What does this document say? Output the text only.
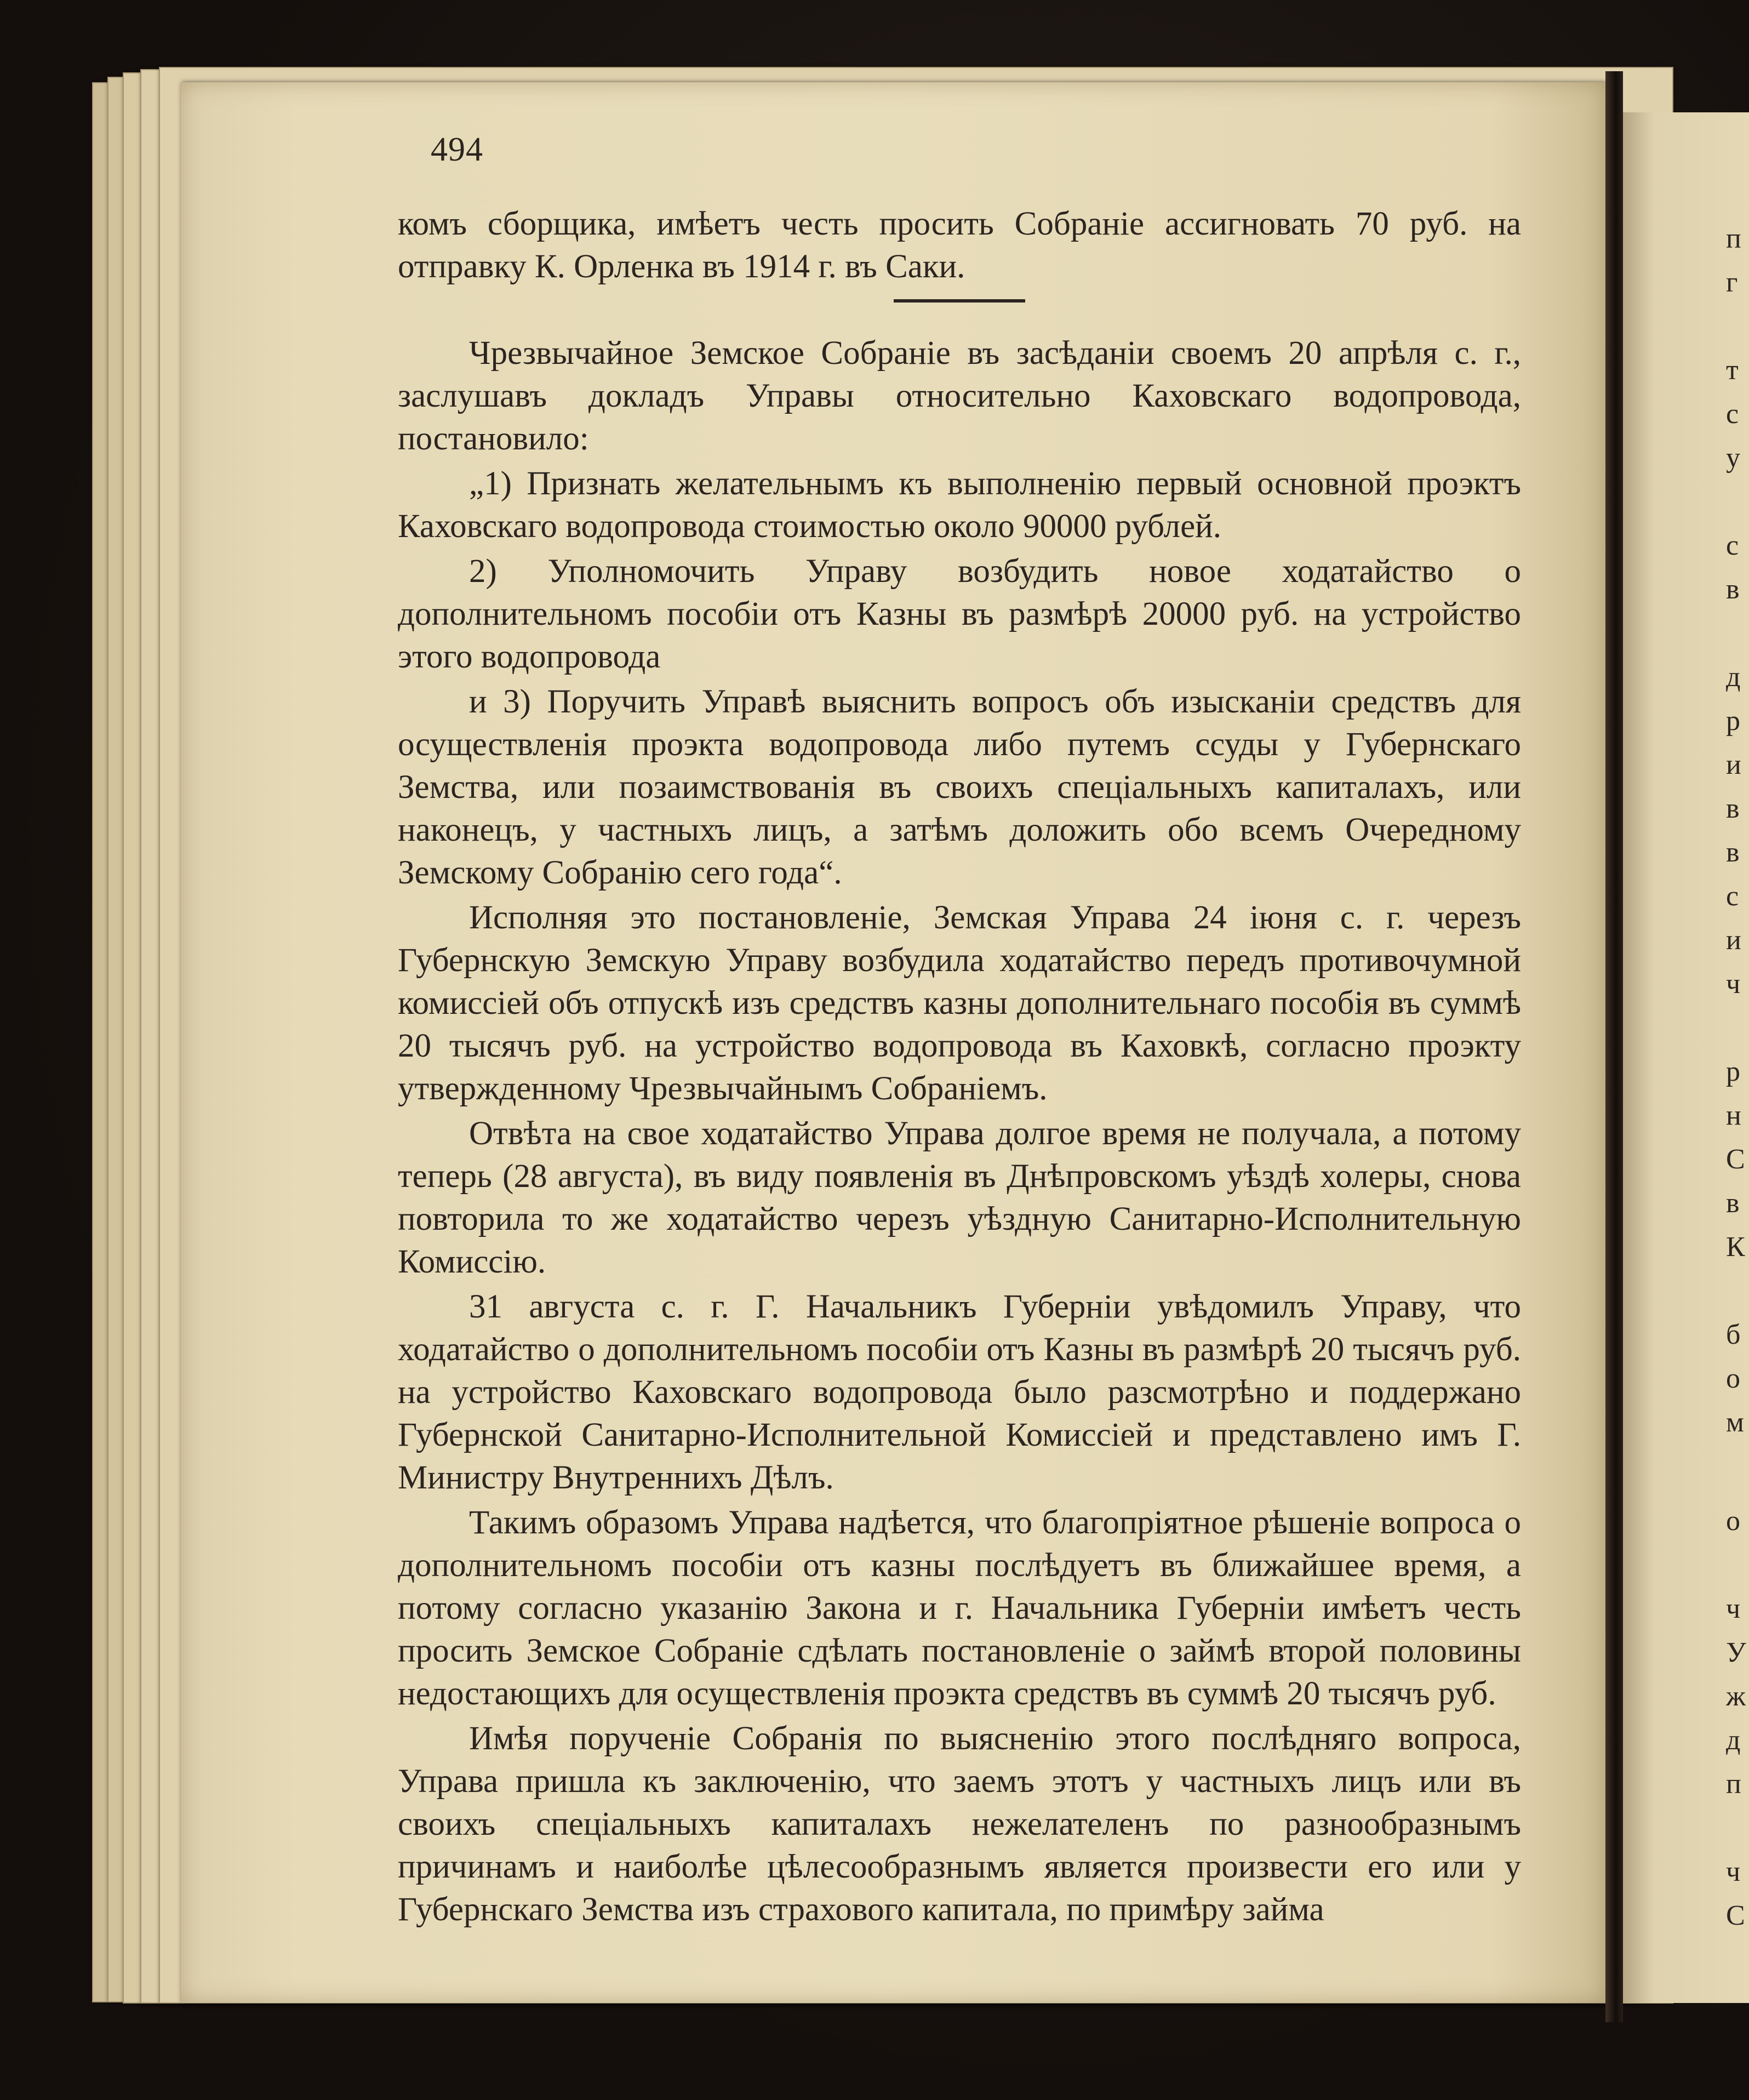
494

комъ сборщика, имѣетъ честь просить Собраніе ассигновать 70 руб. на отправку К. Орленка въ 1914 г. въ Саки.

Чрезвычайное Земское Собраніе въ засѣданіи своемъ 20 апрѣля с. г., заслушавъ докладъ Управы относительно Каховскаго водопровода, постановило:

„1) Признать желательнымъ къ выполненію первый основной проэктъ Каховскаго водопровода стоимостью около 90000 рублей.

2) Уполномочить Управу возбудить новое ходатайство о дополнительномъ пособіи отъ Казны въ размѣрѣ 20000 руб. на устройство этого водопровода

и 3) Поручить Управѣ выяснить вопросъ объ изысканіи средствъ для осуществленія проэкта водопровода либо путемъ ссуды у Губернскаго Земства, или позаимствованія въ своихъ спеціальныхъ капиталахъ, или наконецъ, у частныхъ лицъ, а затѣмъ доложить обо всемъ Очередному Земскому Собранію сего года“.

Исполняя это постановленіе, Земская Управа 24 іюня с. г. черезъ Губернскую Земскую Управу возбудила ходатайство передъ противочумной комиссіей объ отпускѣ изъ средствъ казны дополнительнаго пособія въ суммѣ 20 тысячъ руб. на устройство водопровода въ Каховкѣ, согласно проэкту утвержденному Чрезвычайнымъ Собраніемъ.

Отвѣта на свое ходатайство Управа долгое время не получала, а потому теперь (28 августа), въ виду появленія въ Днѣпровскомъ уѣздѣ холеры, снова повторила то же ходатайство черезъ уѣздную Санитарно-Исполнительную Комиссію.

31 августа с. г. Г. Начальникъ Губерніи увѣдомилъ Управу, что ходатайство о дополнительномъ пособіи отъ Казны въ размѣрѣ 20 тысячъ руб. на устройство Каховскаго водопровода было разсмотрѣно и поддержано Губернской Санитарно-Исполнительной Комиссіей и представлено имъ Г. Министру Внутреннихъ Дѣлъ.

Такимъ образомъ Управа надѣется, что благопріятное рѣшеніе вопроса о дополнительномъ пособіи отъ казны послѣдуетъ въ ближайшее время, а потому согласно указанію Закона и г. Начальника Губерніи имѣетъ честь просить Земское Собраніе сдѣлать постановленіе о займѣ второй половины недостающихъ для осуществленія проэкта средствъ въ суммѣ 20 тысячъ руб.

Имѣя порученіе Собранія по выясненію этого послѣдняго вопроса, Управа пришла къ заключенію, что заемъ этотъ у частныхъ лицъ или въ своихъ спеціальныхъ капиталахъ нежелателенъ по разнообразнымъ причинамъ и наиболѣе цѣлесообразнымъ является произвести его или у Губернскаго Земства изъ страхового капитала, по примѣру займа

п
г
т
с
у
с
в
д
р
и
в
в
с
и
ч
р
н
С
в
К
б
о
м
о
ч
У
ж
д
п
ч
С
